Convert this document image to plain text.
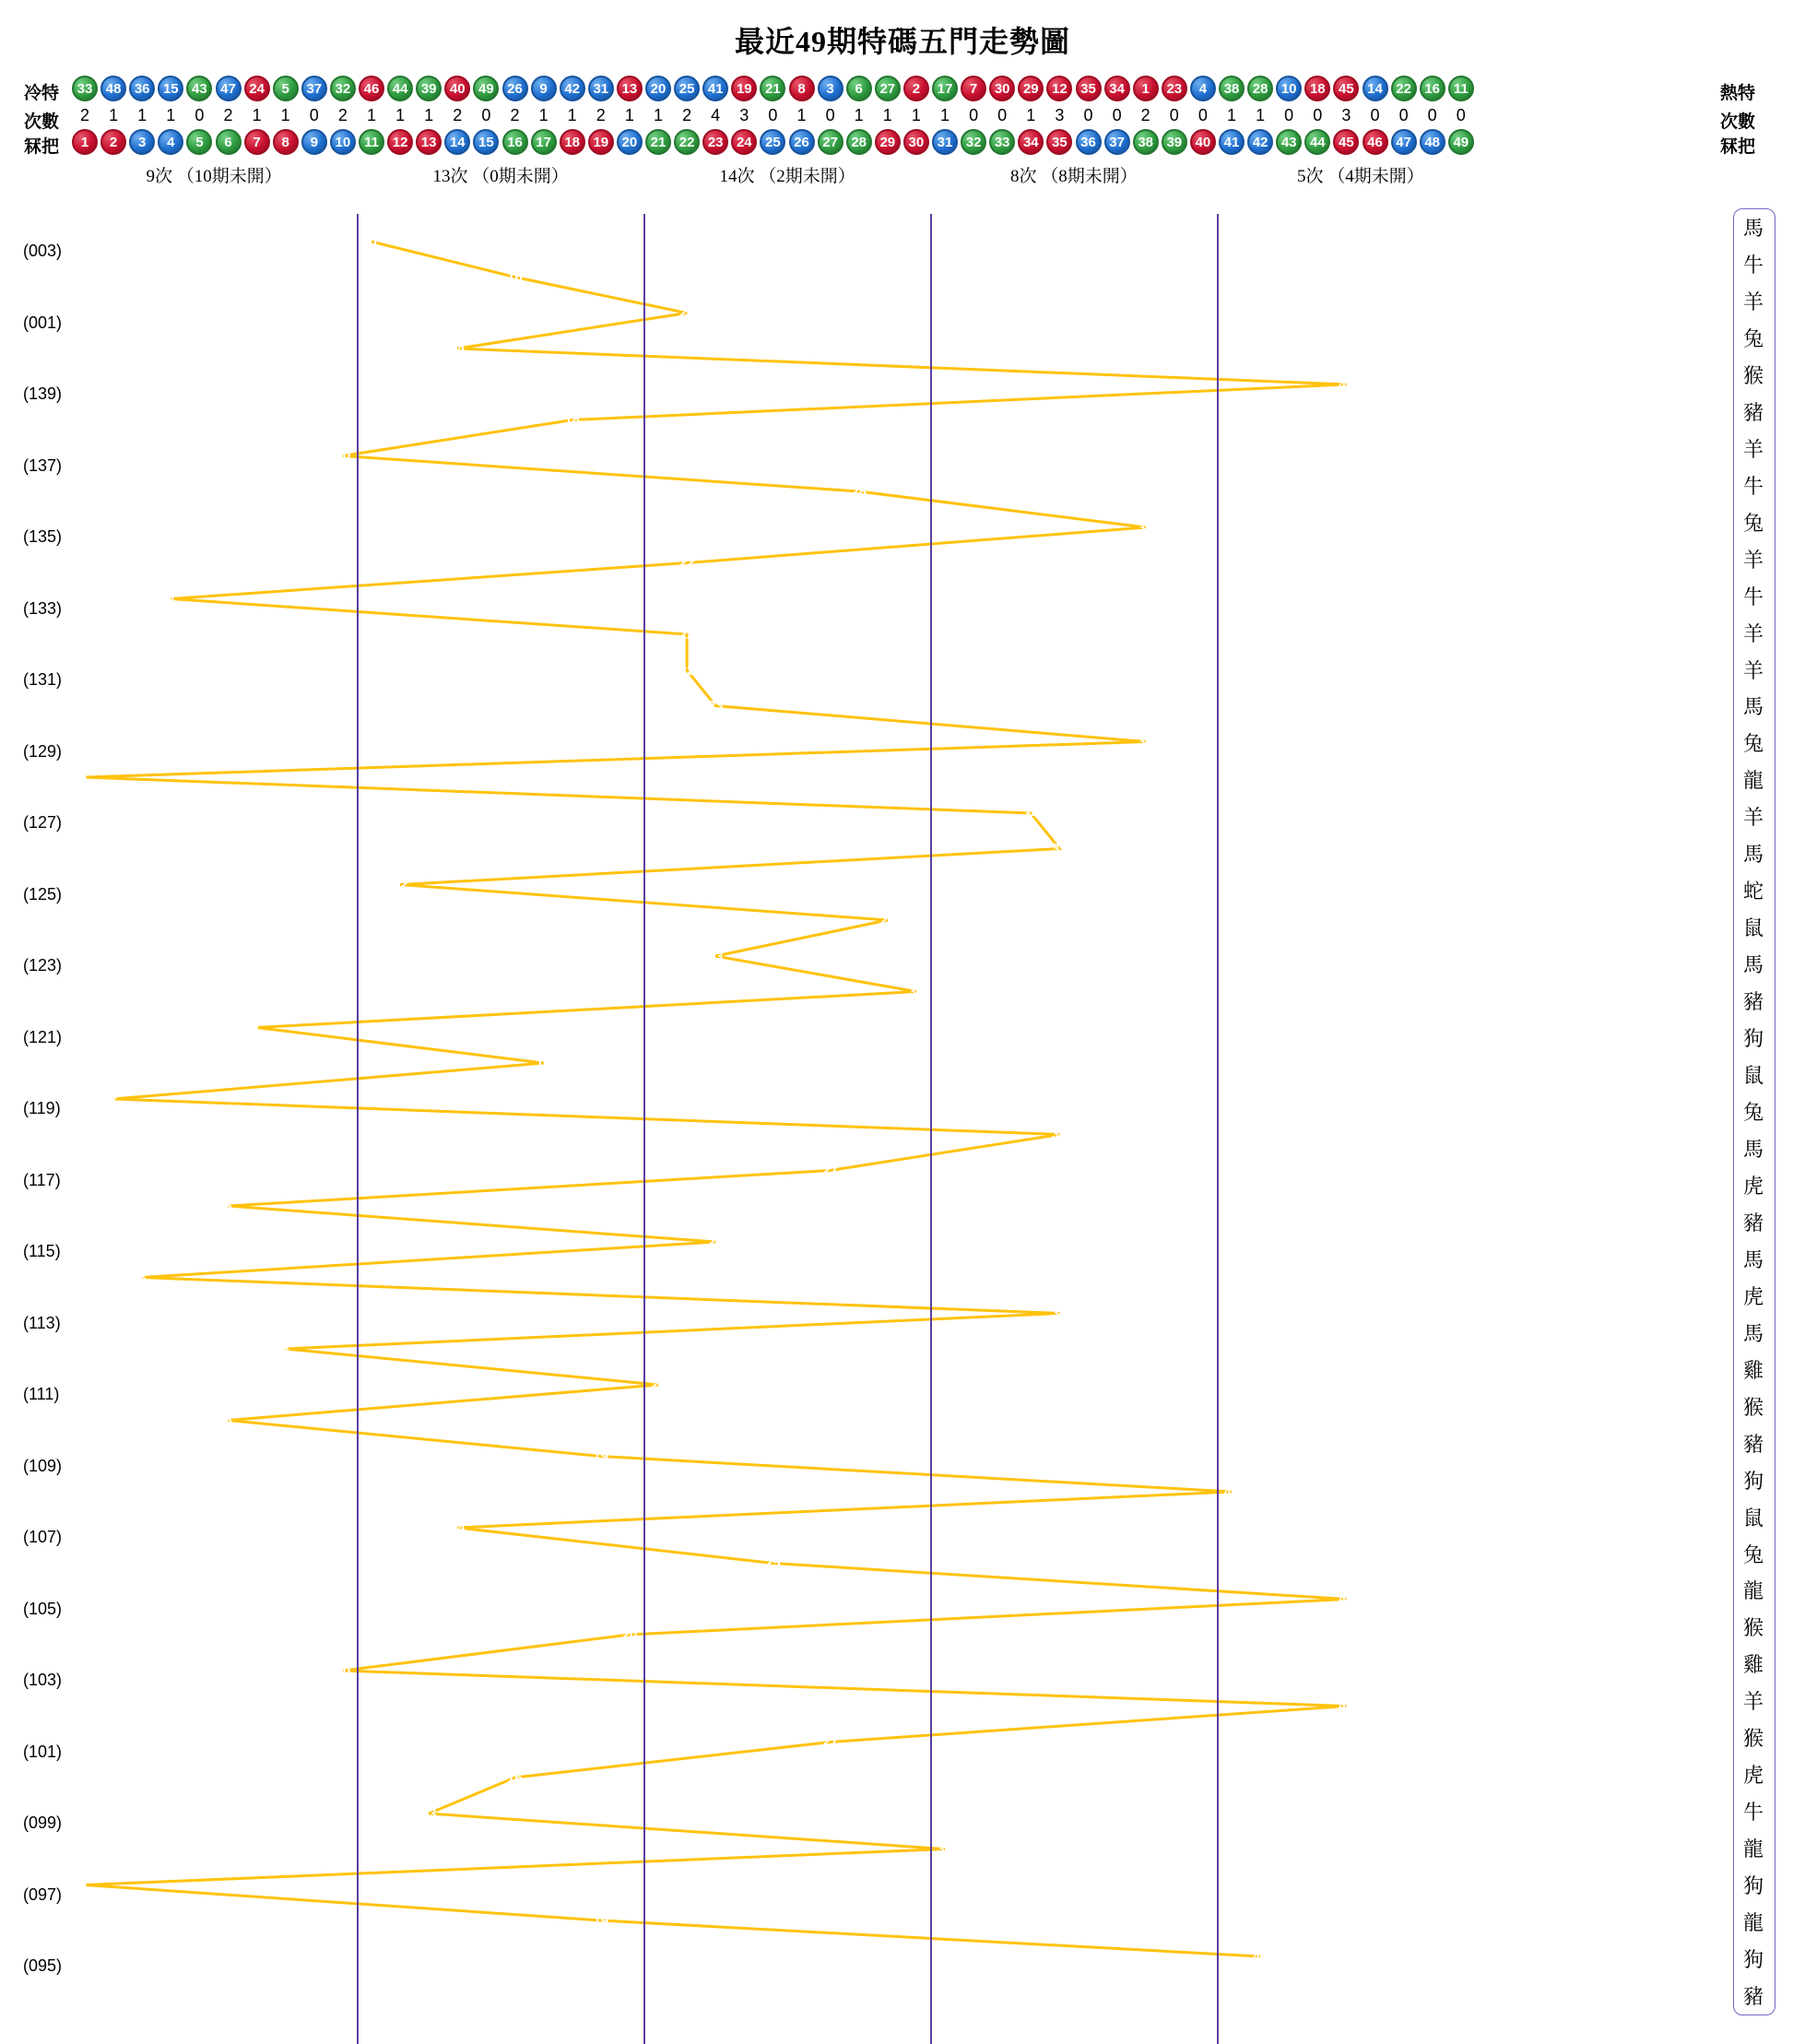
最近49期特碼五門走勢圖
冷特
次數
冧把
熱特
次數
冧把
33 48 36 15 43 47 24	5	37 32 46 44 39 40 49 26	9	42 31 13 20 25 41 19 21	8	3	6	27	2	17	7	30 29 12 35 34	1	23	4	38 28 10 18 45 14 22 16 11
2	1	1	1	0	2	1	1	0	2	1	1	1	2	0	2	1	1	2	1	1	2	4	3	0	1	0	1	1	1	1	0	0	1	3	0	0	2	0	0	1	1	0	0	3	0	0	0	0
1	2	3	4	5	6	7	8	9	10 11 12 13 14 15 16 17 18 19 20 21 22 23 24 25 26 27 28 29 30 31 32 33 34 35 36 37 38 39 40 41 42 43 44 45 46 47 48 49
9次 （10期未開）	13次 （0期未開）	14次 （2期未開）	8次 （8期未開）	5次 （4期未開）
(003)
(001)
(139)
(137)
(135)
(133)
(131)
(129)
(127)
(125)
(123)
(121)
(119)
(117)
(115)
(113)
(111)
(109)
(107)
(105)
(103)
(101)
(099)
(097)
(095)
11
16
22
14
45
18
10
28
38
22
4
22
22
23
38
1
34
35
12
29
23
30
7
17
2
35
27
6
23
3
35
8
21
6
19
41
14
25
45
20
10
45
27
16
13
31
1
19
42
馬
牛
羊
兔
猴
豬
羊
牛
兔
羊
牛
羊
羊
馬
兔
龍
羊
馬
蛇
鼠
馬
豬
狗
鼠
兔
馬
虎
豬
馬
虎
馬
雞
猴
豬
狗
鼠
兔
龍
猴
雞
羊
猴
虎
牛
龍
狗
龍
狗
豬
